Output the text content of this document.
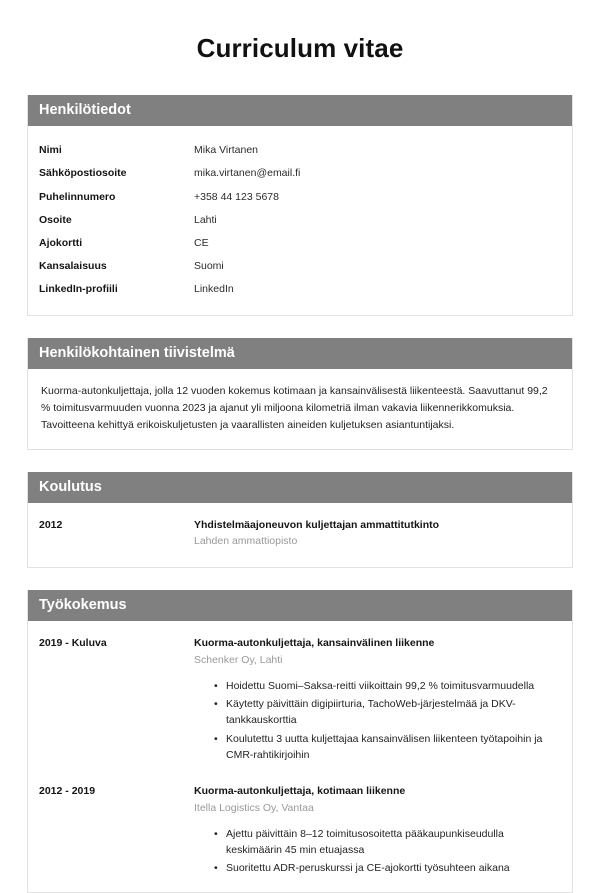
Curriculum vitae
Henkilötiedot
Nimi	Mika Virtanen
Sähköpostiosoite	mika.virtanen@email.fi
Puhelinnumero	+358 44 123 5678
Osoite	Lahti
Ajokortti	CE
Kansalaisuus	Suomi
LinkedIn-profiili	LinkedIn
Henkilökohtainen tiivistelmä

Kuorma-autonkuljettaja, jolla 12 vuoden kokemus kotimaan ja kansainvälisestä liikenteestä. Saavuttanut 99,2 % toimitusvarmuuden vuonna 2023 ja ajanut yli miljoona kilometriä ilman vakavia liikennerikkomuksia. Tavoitteena kehittyä erikoiskuljetusten ja vaarallisten aineiden kuljetuksen asiantuntijaksi.

Koulutus
2012	Yhdistelmäajoneuvon kuljettajan ammattitutkinto
Lahden ammattiopisto
Työkokemus
2019 - Kuluva	Kuorma-autonkuljettaja, kansainvälinen liikenne
Schenker Oy, Lahti
• Hoidettu Suomi–Saksa-reitti viikoittain 99,2 % toimitusvarmuudella
• Käytetty päivittäin digipiirturia, TachoWeb-järjestelmää ja DKV-tankkauskorttia
• Koulutettu 3 uutta kuljettajaa kansainvälisen liikenteen työtapoihin ja CMR-rahtikirjoihin
2012 - 2019	Kuorma-autonkuljettaja, kotimaan liikenne
Itella Logistics Oy, Vantaa
• Ajettu päivittäin 8–12 toimitusosoitetta pääkaupunkiseudulla keskimäärin 45 min etuajassa
• Suoritettu ADR-peruskurssi ja CE-ajokortti työsuhteen aikana
